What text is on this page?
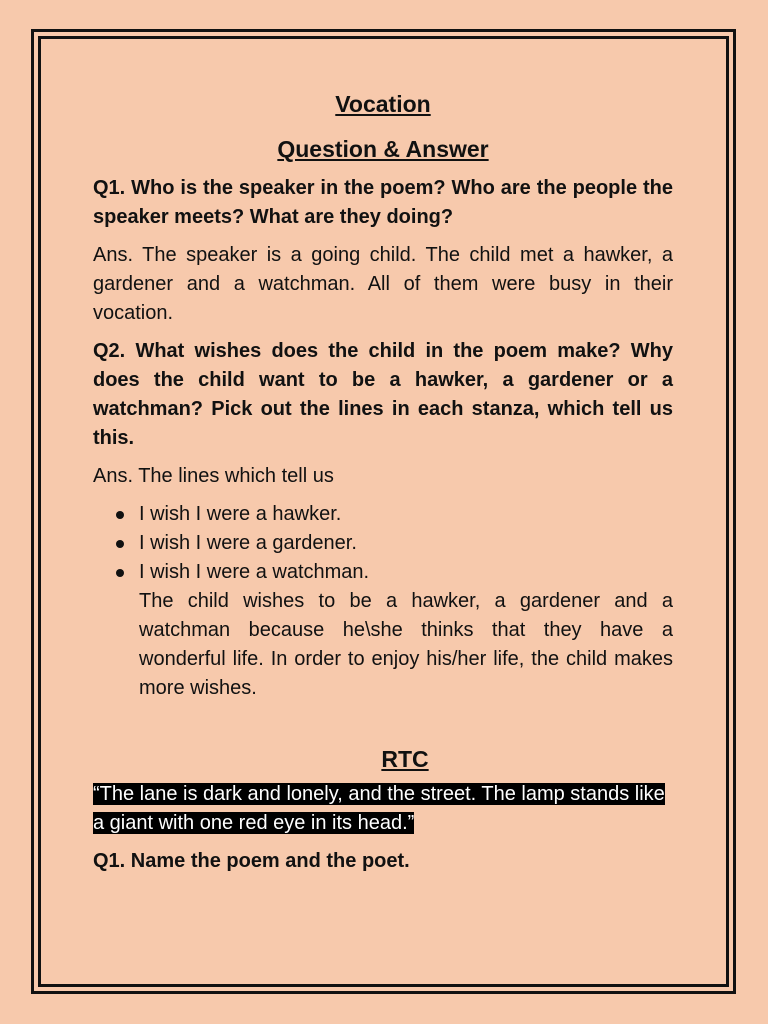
Vocation
Question & Answer

Q1. Who is the speaker in the poem? Who are the people the speaker meets? What are they doing?

Ans. The speaker is a going child. The child met a hawker, a gardener and a watchman. All of them were busy in their vocation.

Q2. What wishes does the child in the poem make? Why does the child want to be a hawker, a gardener or a watchman? Pick out the lines in each stanza, which tell us this.

Ans. The lines which tell us

I wish I were a hawker.
I wish I were a gardener.
I wish I were a watchman.

The child wishes to be a hawker, a gardener and a watchman because he\she thinks that they have a wonderful life. In order to enjoy his/her life, the child makes more wishes.

RTC

“The lane is dark and lonely, and the street. The lamp stands like a giant with one red eye in its head.”

Q1. Name the poem and the poet.
